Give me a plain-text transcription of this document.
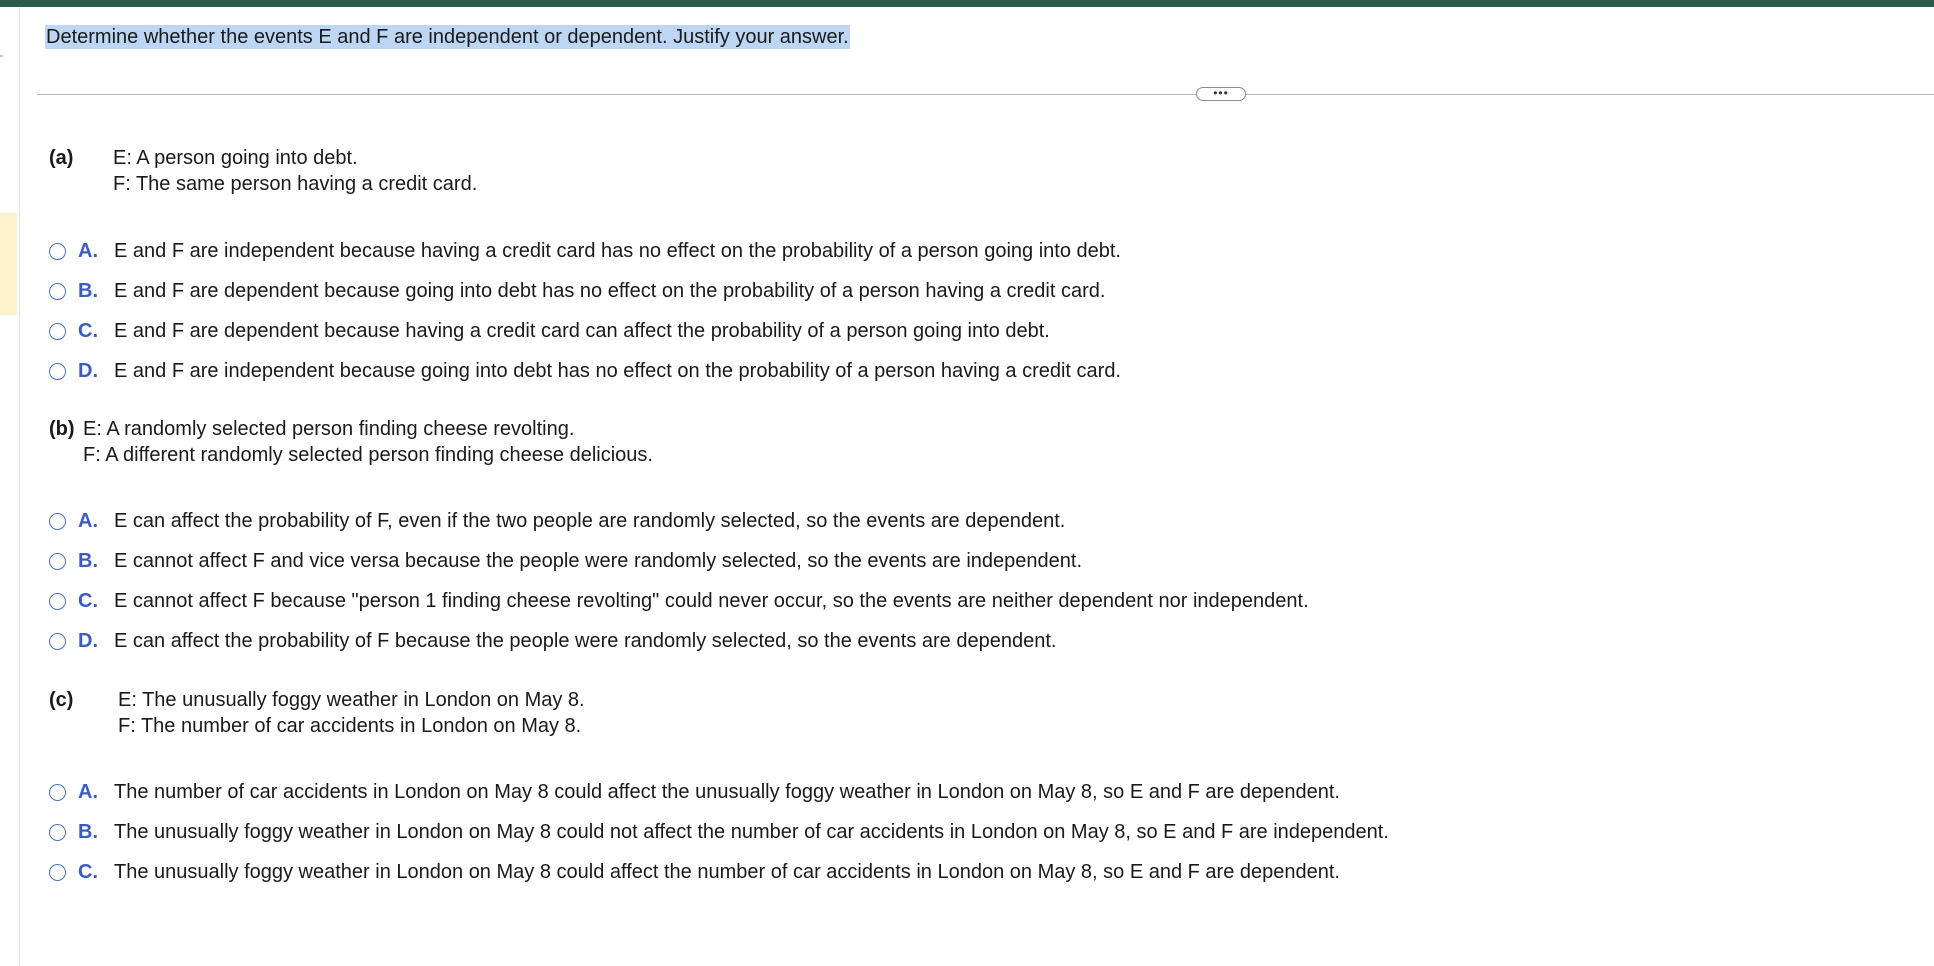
Determine whether the events E and F are independent or dependent. Justify your answer.
•••
(a) E: A person going into debt.
F: The same person having a credit card.
A. E and F are independent because having a credit card has no effect on the probability of a person going into debt.
B. E and F are dependent because going into debt has no effect on the probability of a person having a credit card.
C. E and F are dependent because having a credit card can affect the probability of a person going into debt.
D. E and F are independent because going into debt has no effect on the probability of a person having a credit card.
(b) E: A randomly selected person finding cheese revolting.
F: A different randomly selected person finding cheese delicious.
A. E can affect the probability of F, even if the two people are randomly selected, so the events are dependent.
B. E cannot affect F and vice versa because the people were randomly selected, so the events are independent.
C. E cannot affect F because "person 1 finding cheese revolting" could never occur, so the events are neither dependent nor independent.
D. E can affect the probability of F because the people were randomly selected, so the events are dependent.
(c) E: The unusually foggy weather in London on May 8.
F: The number of car accidents in London on May 8.
A. The number of car accidents in London on May 8 could affect the unusually foggy weather in London on May 8, so E and F are dependent.
B. The unusually foggy weather in London on May 8 could not affect the number of car accidents in London on May 8, so E and F are independent.
C. The unusually foggy weather in London on May 8 could affect the number of car accidents in London on May 8, so E and F are dependent.
